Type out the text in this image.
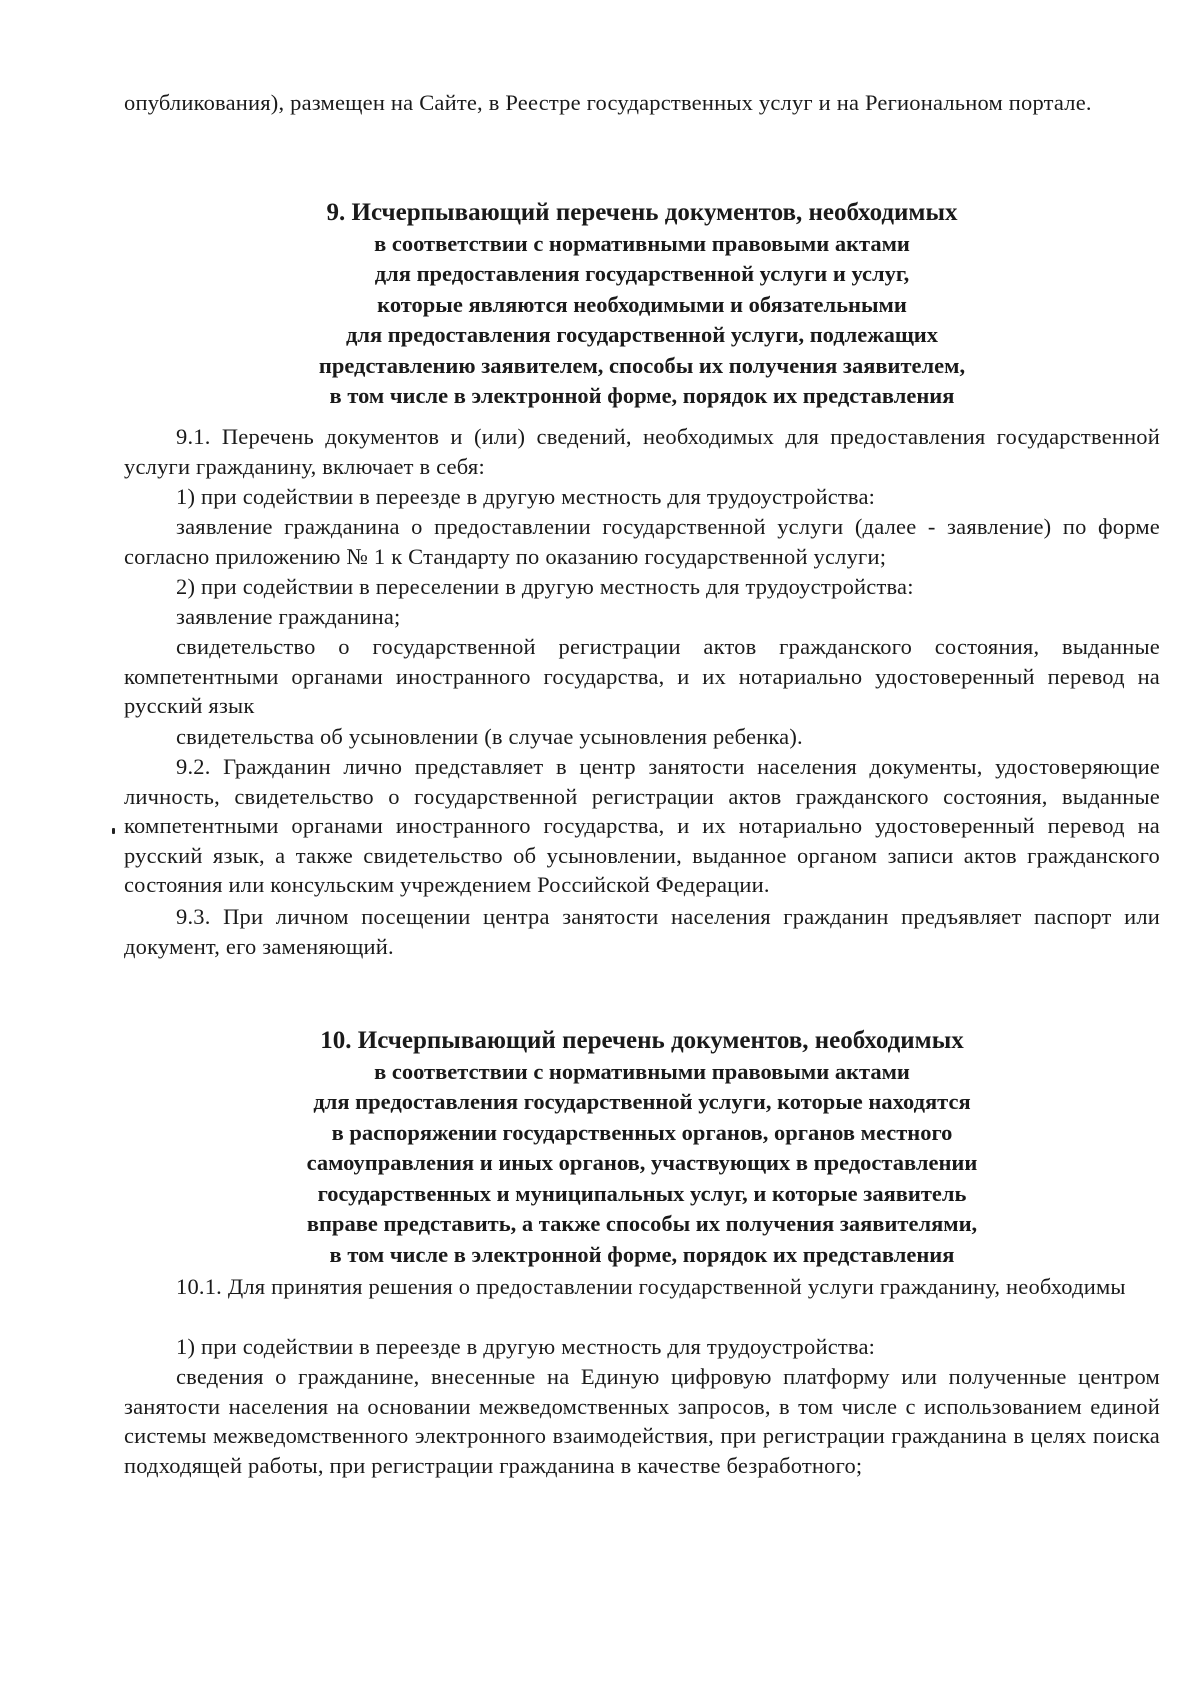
опубликования), размещен на Сайте, в Реестре государственных услуг и на Региональном портале.

9. Исчерпывающий перечень документов, необходимых
в соответствии с нормативными правовыми актами
для предоставления государственной услуги и услуг,
которые являются необходимыми и обязательными
для предоставления государственной услуги, подлежащих
представлению заявителем, способы их получения заявителем,
в том числе в электронной форме, порядок их представления

9.1. Перечень документов и (или) сведений, необходимых для предоставления государственной услуги гражданину, включает в себя:

1) при содействии в переезде в другую местность для трудоустройства:

заявление гражданина о предоставлении государственной услуги (далее - заявление) по форме согласно приложению № 1 к Стандарту по оказанию государственной услуги;

2) при содействии в переселении в другую местность для трудоустройства:

заявление гражданина;

свидетельство о государственной регистрации актов гражданского состояния, выданные компетентными органами иностранного государства, и их нотариально удостоверенный перевод на русский язык

свидетельства об усыновлении (в случае усыновления ребенка).

9.2. Гражданин лично представляет в центр занятости населения документы, удостоверяющие личность, свидетельство о государственной регистрации актов гражданского состояния, выданные компетентными органами иностранного государства, и их нотариально удостоверенный перевод на русский язык, а также свидетельство об усыновлении, выданное органом записи актов гражданского состояния или консульским учреждением Российской Федерации.

9.3. При личном посещении центра занятости населения гражданин предъявляет паспорт или документ, его заменяющий.

10. Исчерпывающий перечень документов, необходимых
в соответствии с нормативными правовыми актами
для предоставления государственной услуги, которые находятся
в распоряжении государственных органов, органов местного
самоуправления и иных органов, участвующих в предоставлении
государственных и муниципальных услуг, и которые заявитель
вправе представить, а также способы их получения заявителями,
в том числе в электронной форме, порядок их представления

10.1. Для принятия решения о предоставлении государственной услуги гражданину, необходимы

1) при содействии в переезде в другую местность для трудоустройства:

сведения о гражданине, внесенные на Единую цифровую платформу или полученные центром занятости населения на основании межведомственных запросов, в том числе с использованием единой системы межведомственного электронного взаимодействия, при регистрации гражданина в целях поиска подходящей работы, при регистрации гражданина в качестве безработного;
